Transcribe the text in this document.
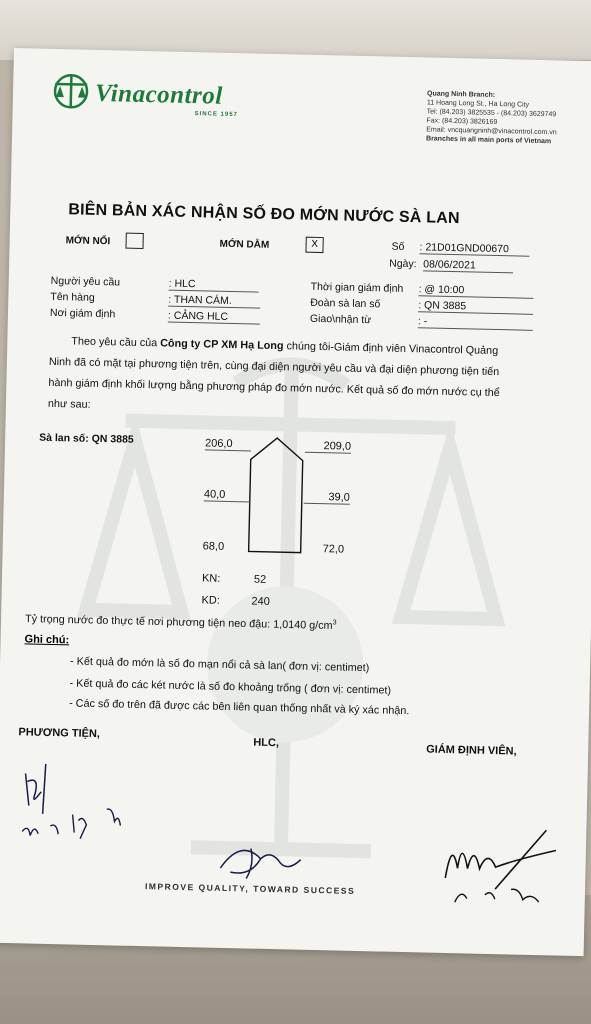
Vinacontrol
SINCE 1957
Quang Ninh Branch:
11 Hoang Long St., Ha Long City
Tel: (84.203) 3825535 - (84.203) 3629749
Fax: (84.203) 3826169
Email: vncquangninh@vinacontrol.com.vn
Branches in all main ports of Vietnam
BIÊN BẢN XÁC NHẬN SỐ ĐO MỚN NƯỚC SÀ LAN
MỚN NỔI	MỚN DẰM	X	Số : 21D01GND00670
Ngày: 08/06/2021
Người yêu cầu	: HLC
Tên hàng	: THAN CÁM.
Nơi giám định	: CẢNG HLC
Thời gian giám định : @ 10:00
Đoàn sà lan số	: QN 3885
Giao\nhận từ	: -
Theo yêu cầu của Công ty CP XM Hạ Long chúng tôi-Giám định viên Vinacontrol Quảng
Ninh đã có mặt tại phương tiện trên, cùng đại diện người yêu cầu và đại diện phương tiện tiến
hành giám định khối lượng bằng phương pháp đo mớn nước. Kết quả số đo mớn nước cụ thể
như sau:
Sà lan số: QN 3885	206,0	209,0
40,0	39,0
68,0	72,0
KN:	52
KD:	240
Tỷ trọng nước đo thực tế nơi phương tiện neo đậu: 1,0140 $g/cm^3$
Ghi chú:
- Kết quả đo mớn là số đo mạn nổi cả sà lan( đơn vị: centimet)
- Kết quả đo các két nước là số đo khoảng trống ( đơn vị: centimet)
- Các số đo trên đã được các bên liên quan thống nhất và ký xác nhận.
PHƯƠNG TIỆN,
HLC,
GIÁM ĐỊNH VIÊN,
IMPROVE QUALITY, TOWARD SUCCESS
